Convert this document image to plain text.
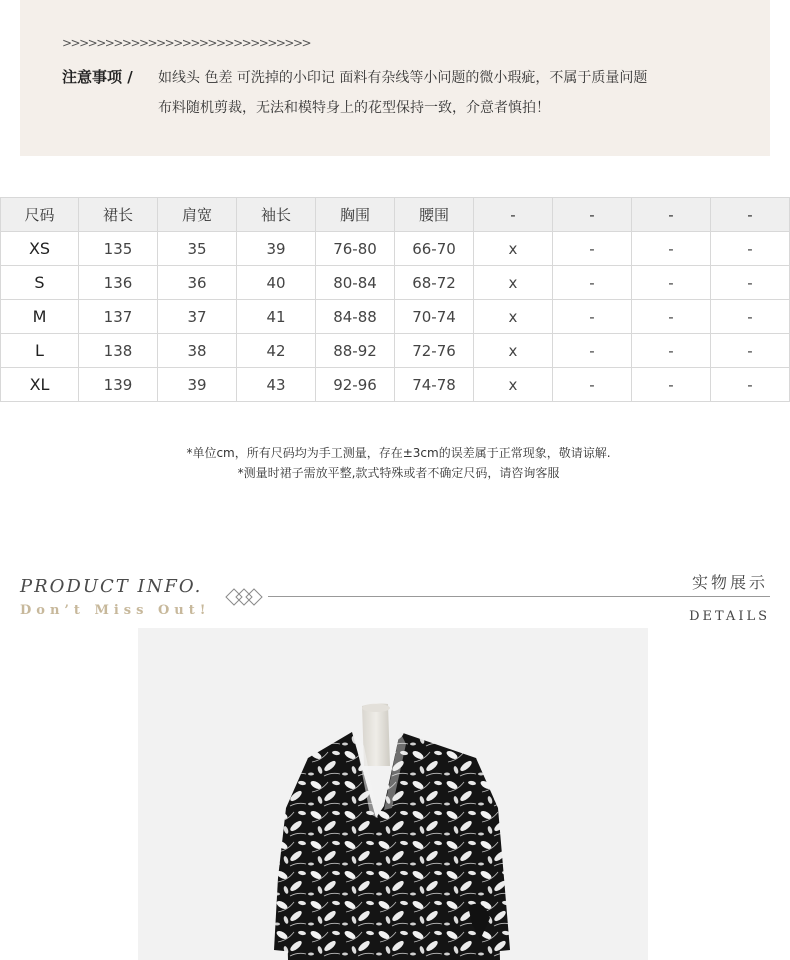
>>>>>>>>>>>>>>>>>>>>>>>>>>>>>
注意事项 / 如线头 色差 可洗掉的小印记 面料有杂线等小问题的微小瑕疵，不属于质量问题
布料随机剪裁，无法和模特身上的花型保持一致，介意者慎拍！
尺码	裙长	肩宽	袖长	胸围	腰围	-	-	-	-
XS	135	35	39	76-80	66-70	x	-	-	-
S	136	36	40	80-84	68-72	x	-	-	-
M	137	37	41	84-88	70-74	x	-	-	-
L	138	38	42	88-92	72-76	x	-	-	-
XL	139	39	43	92-96	74-78	x	-	-	-
*单位cm，所有尺码均为手工测量，存在±3cm的误差属于正常现象，敬请谅解.
*测量时裙子需放平整,款式特殊或者不确定尺码，请咨询客服
PRODUCT INFO.
Don’t Miss Out!
实物展示
DETAILS
